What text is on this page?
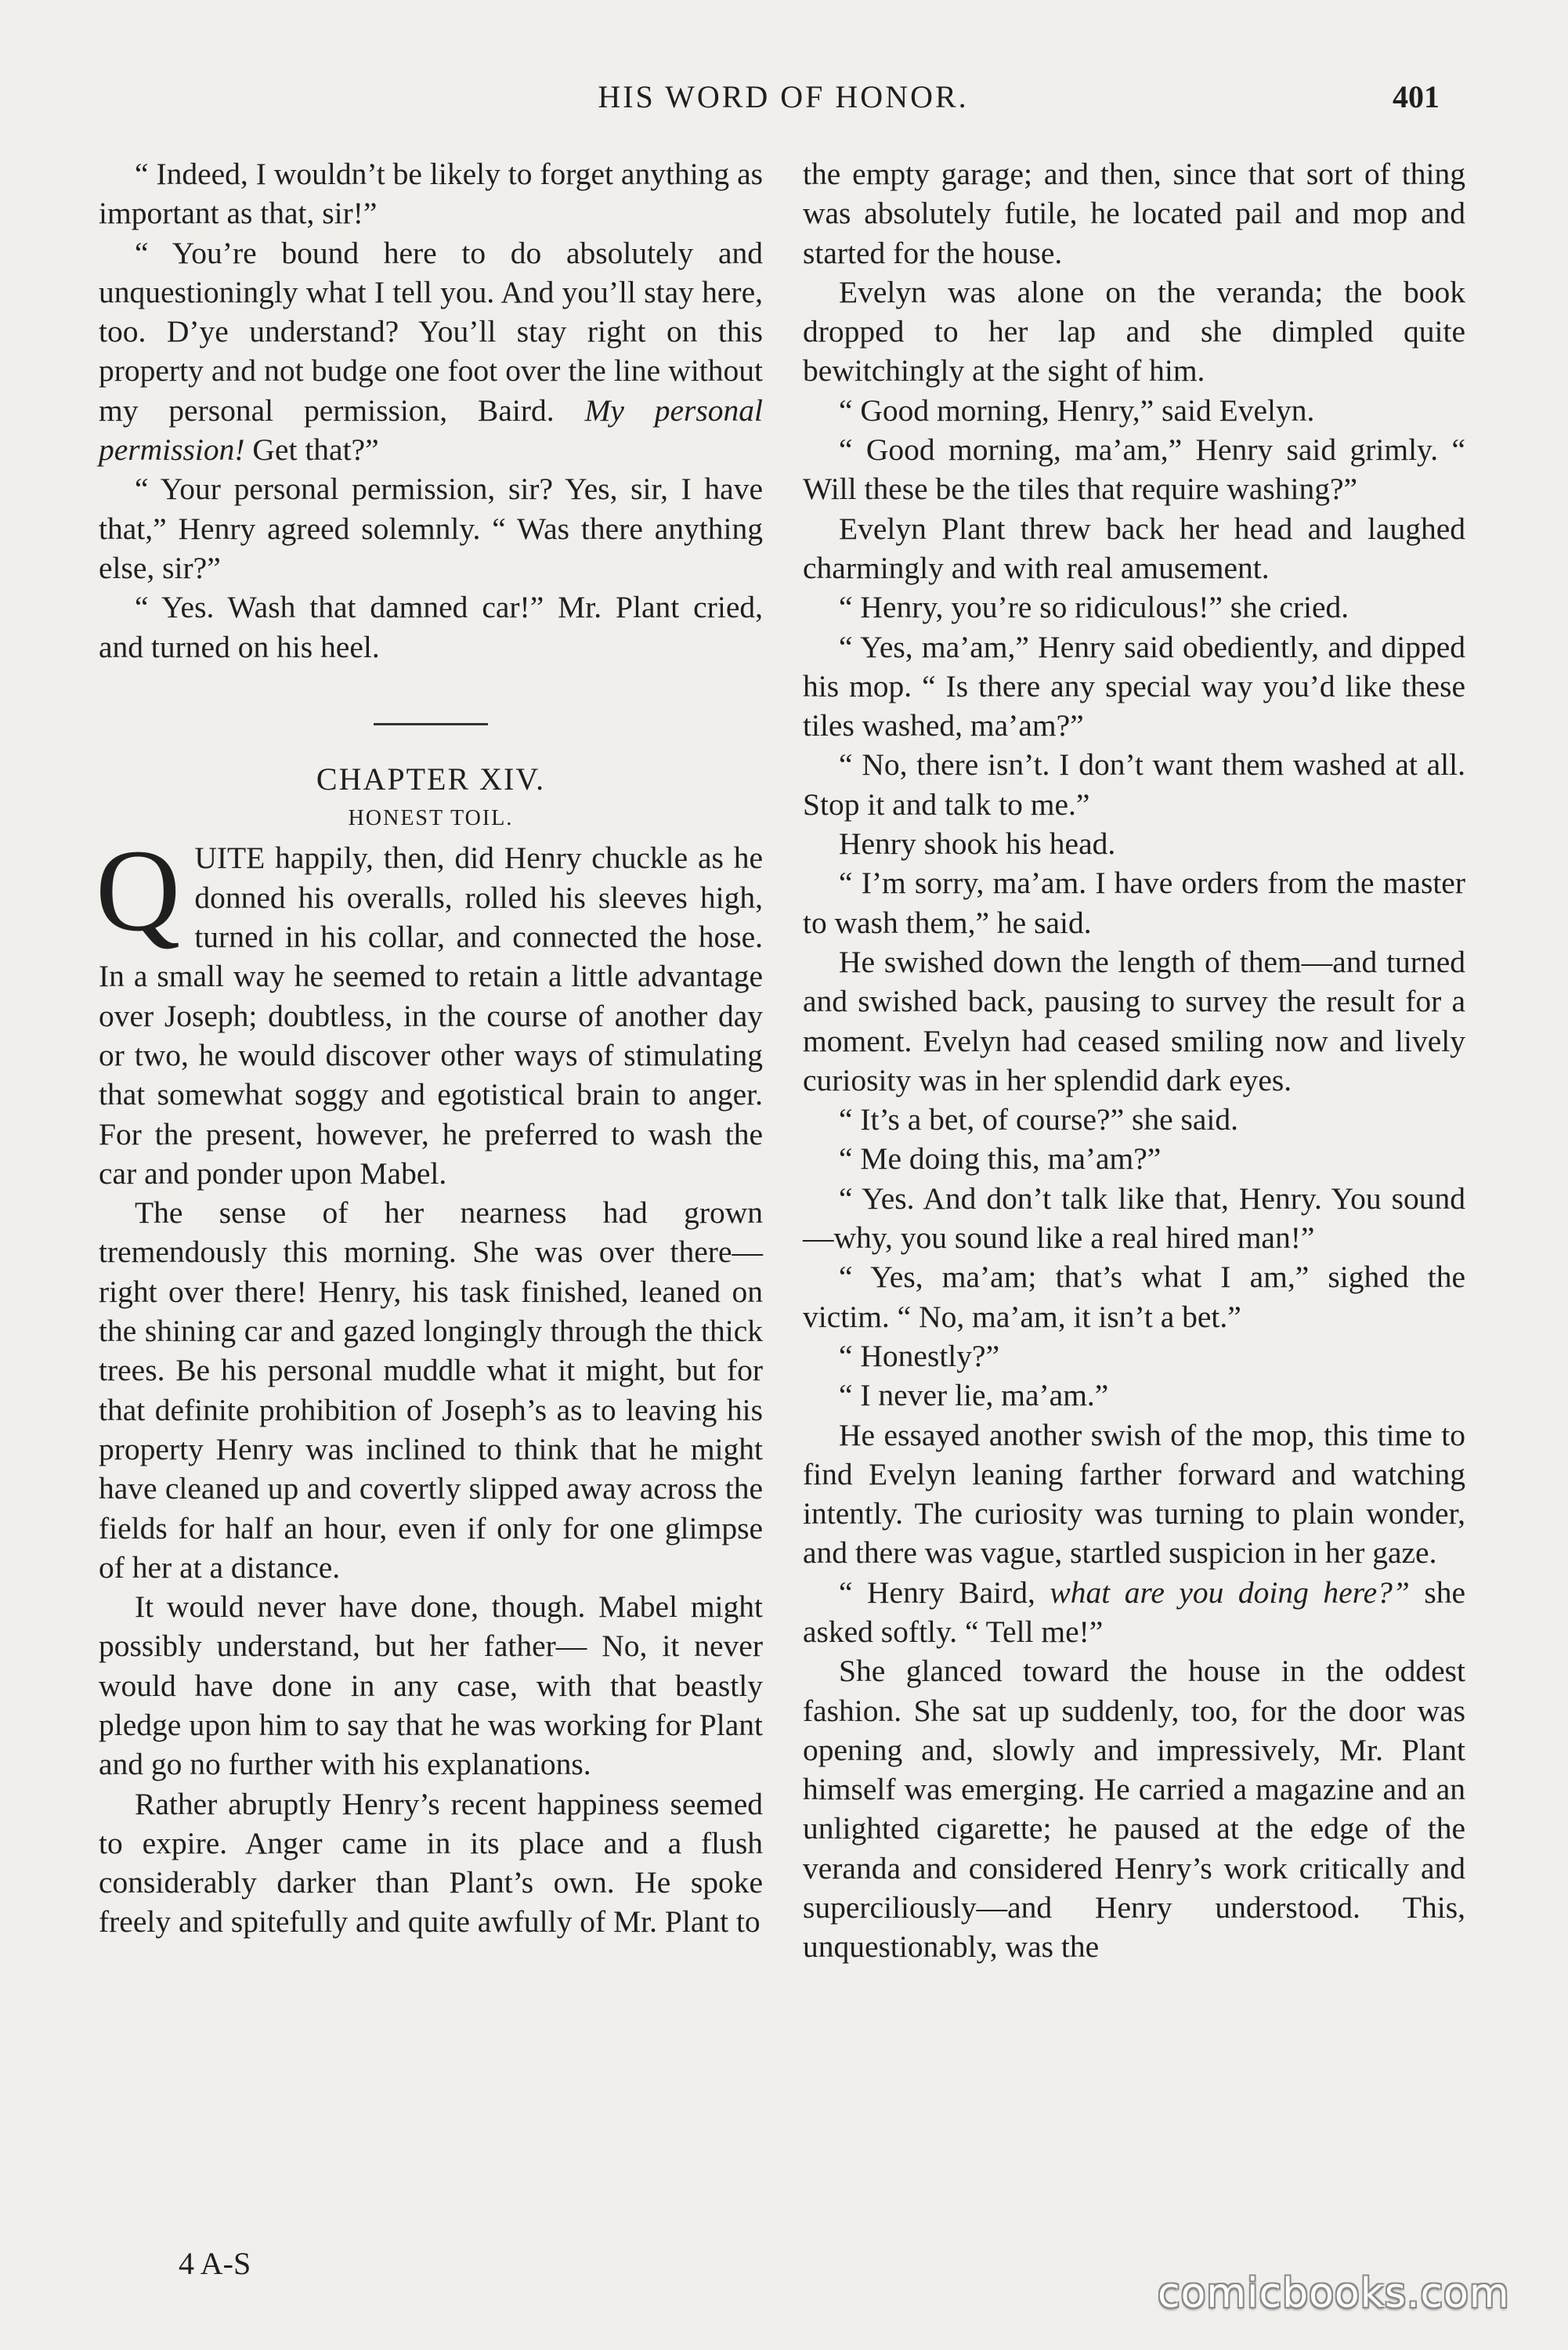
HIS WORD OF HONOR.	401

“ Indeed, I wouldn’t be likely to forget anything as important as that, sir!”

“ You’re bound here to do absolutely and unquestioningly what I tell you. And you’ll stay here, too. D’ye understand? You’ll stay right on this property and not budge one foot over the line without my personal permission, Baird. My personal permission! Get that?”

“ Your personal permission, sir? Yes, sir, I have that,” Henry agreed solemnly. “ Was there anything else, sir?”

“ Yes. Wash that damned car!” Mr. Plant cried, and turned on his heel.

CHAPTER XIV.

HONEST TOIL.

QUITE happily, then, did Henry chuckle as he donned his overalls, rolled his sleeves high, turned in his collar, and connected the hose. In a small way he seemed to retain a little advantage over Joseph; doubtless, in the course of another day or two, he would discover other ways of stimulating that somewhat soggy and egotistical brain to anger. For the present, however, he preferred to wash the car and ponder upon Mabel.

The sense of her nearness had grown tremendously this morning. She was over there—right over there! Henry, his task finished, leaned on the shining car and gazed longingly through the thick trees. Be his personal muddle what it might, but for that definite prohibition of Joseph’s as to leaving his property Henry was inclined to think that he might have cleaned up and covertly slipped away across the fields for half an hour, even if only for one glimpse of her at a distance.

It would never have done, though. Mabel might possibly understand, but her father— No, it never would have done in any case, with that beastly pledge upon him to say that he was working for Plant and go no further with his explanations.

Rather abruptly Henry’s recent happiness seemed to expire. Anger came in its place and a flush considerably darker than Plant’s own. He spoke freely and spitefully and quite awfully of Mr. Plant to

the empty garage; and then, since that sort of thing was absolutely futile, he located pail and mop and started for the house.

Evelyn was alone on the veranda; the book dropped to her lap and she dimpled quite bewitchingly at the sight of him.

“ Good morning, Henry,” said Evelyn.

“ Good morning, ma’am,” Henry said grimly. “ Will these be the tiles that require washing?”

Evelyn Plant threw back her head and laughed charmingly and with real amusement.

“ Henry, you’re so ridiculous!” she cried.

“ Yes, ma’am,” Henry said obediently, and dipped his mop. “ Is there any special way you’d like these tiles washed, ma’am?”

“ No, there isn’t. I don’t want them washed at all. Stop it and talk to me.”

Henry shook his head.

“ I’m sorry, ma’am. I have orders from the master to wash them,” he said.

He swished down the length of them—and turned and swished back, pausing to survey the result for a moment. Evelyn had ceased smiling now and lively curiosity was in her splendid dark eyes.

“ It’s a bet, of course?” she said.

“ Me doing this, ma’am?”

“ Yes. And don’t talk like that, Henry. You sound—why, you sound like a real hired man!”

“ Yes, ma’am; that’s what I am,” sighed the victim. “ No, ma’am, it isn’t a bet.”

“ Honestly?”

“ I never lie, ma’am.”

He essayed another swish of the mop, this time to find Evelyn leaning farther forward and watching intently. The curiosity was turning to plain wonder, and there was vague, startled suspicion in her gaze.

“ Henry Baird, what are you doing here?” she asked softly. “ Tell me!”

She glanced toward the house in the oddest fashion. She sat up suddenly, too, for the door was opening and, slowly and impressively, Mr. Plant himself was emerging. He carried a magazine and an unlighted cigarette; he paused at the edge of the veranda and considered Henry’s work critically and superciliously—and Henry understood. This, unquestionably, was the

4 A-S
comicbooks.com
